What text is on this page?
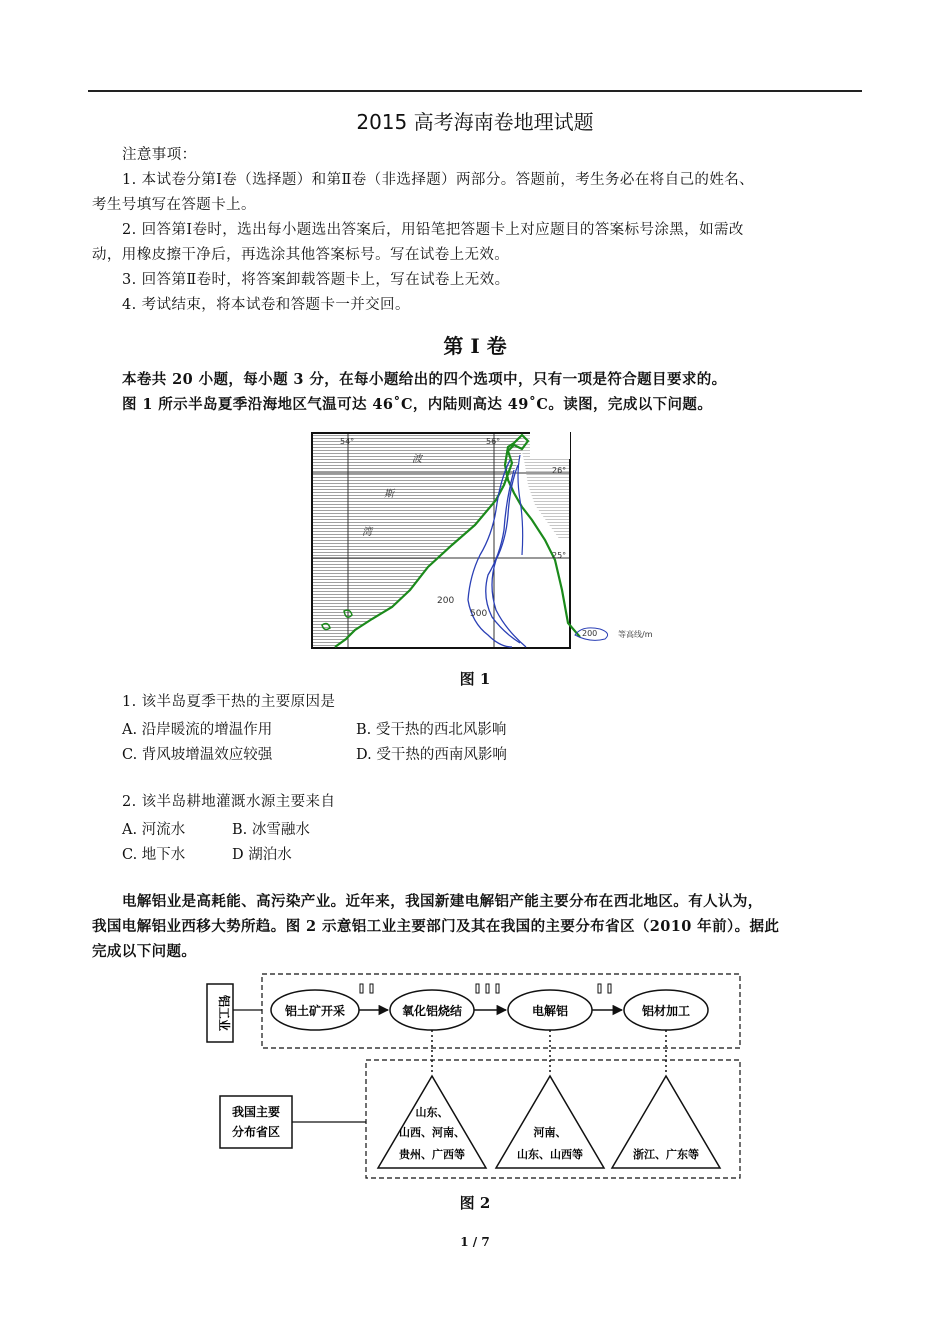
2015 高考海南卷地理试题
注意事项：
1. 本试卷分第Ⅰ卷（选择题）和第Ⅱ卷（非选择题）两部分。答题前，考生务必在将自己的姓名、
考生号填写在答题卡上。
2. 回答第Ⅰ卷时，选出每小题选出答案后，用铅笔把答题卡上对应题目的答案标号涂黑，如需改
动，用橡皮擦干净后，再选涂其他答案标号。写在试卷上无效。
3. 回答第Ⅱ卷时，将答案卸载答题卡上，写在试卷上无效。
4. 考试结束，将本试卷和答题卡一并交回。
第 I 卷
本卷共 20 小题，每小题 3 分，在每小题给出的四个选项中，只有一项是符合题目要求的。
图 1 所示半岛夏季沿海地区气温可达 46˚C，内陆则高达 49˚C。读图，完成以下问题。
54°	56°
26°
25°
波
斯
湾
200
500
200	等高线/m
图 1
1. 该半岛夏季干热的主要原因是
A. 沿岸暖流的增温作用	B. 受干热的西北风影响
C. 背风坡增温效应较强	D. 受干热的西南风影响
2. 该半岛耕地灌溉水源主要来自
A. 河流水	B. 冰雪融水
C. 地下水	D 湖泊水
电解铝业是高耗能、高污染产业。近年来，我国新建电解铝产能主要分布在西北地区。有人认为，
我国电解铝业西移大势所趋。图 2 示意铝工业主要部门及其在我国的主要分布省区（2010 年前）。据此
完成以下问题。
铝工业	铝土矿开采	氧化铝烧结	电解铝	铝材加工
我国主要
分布省区
山东、
山西、河南、
贵州、广西等
河南、
山东、山西等	浙江、广东等
图 2
1 / 7
